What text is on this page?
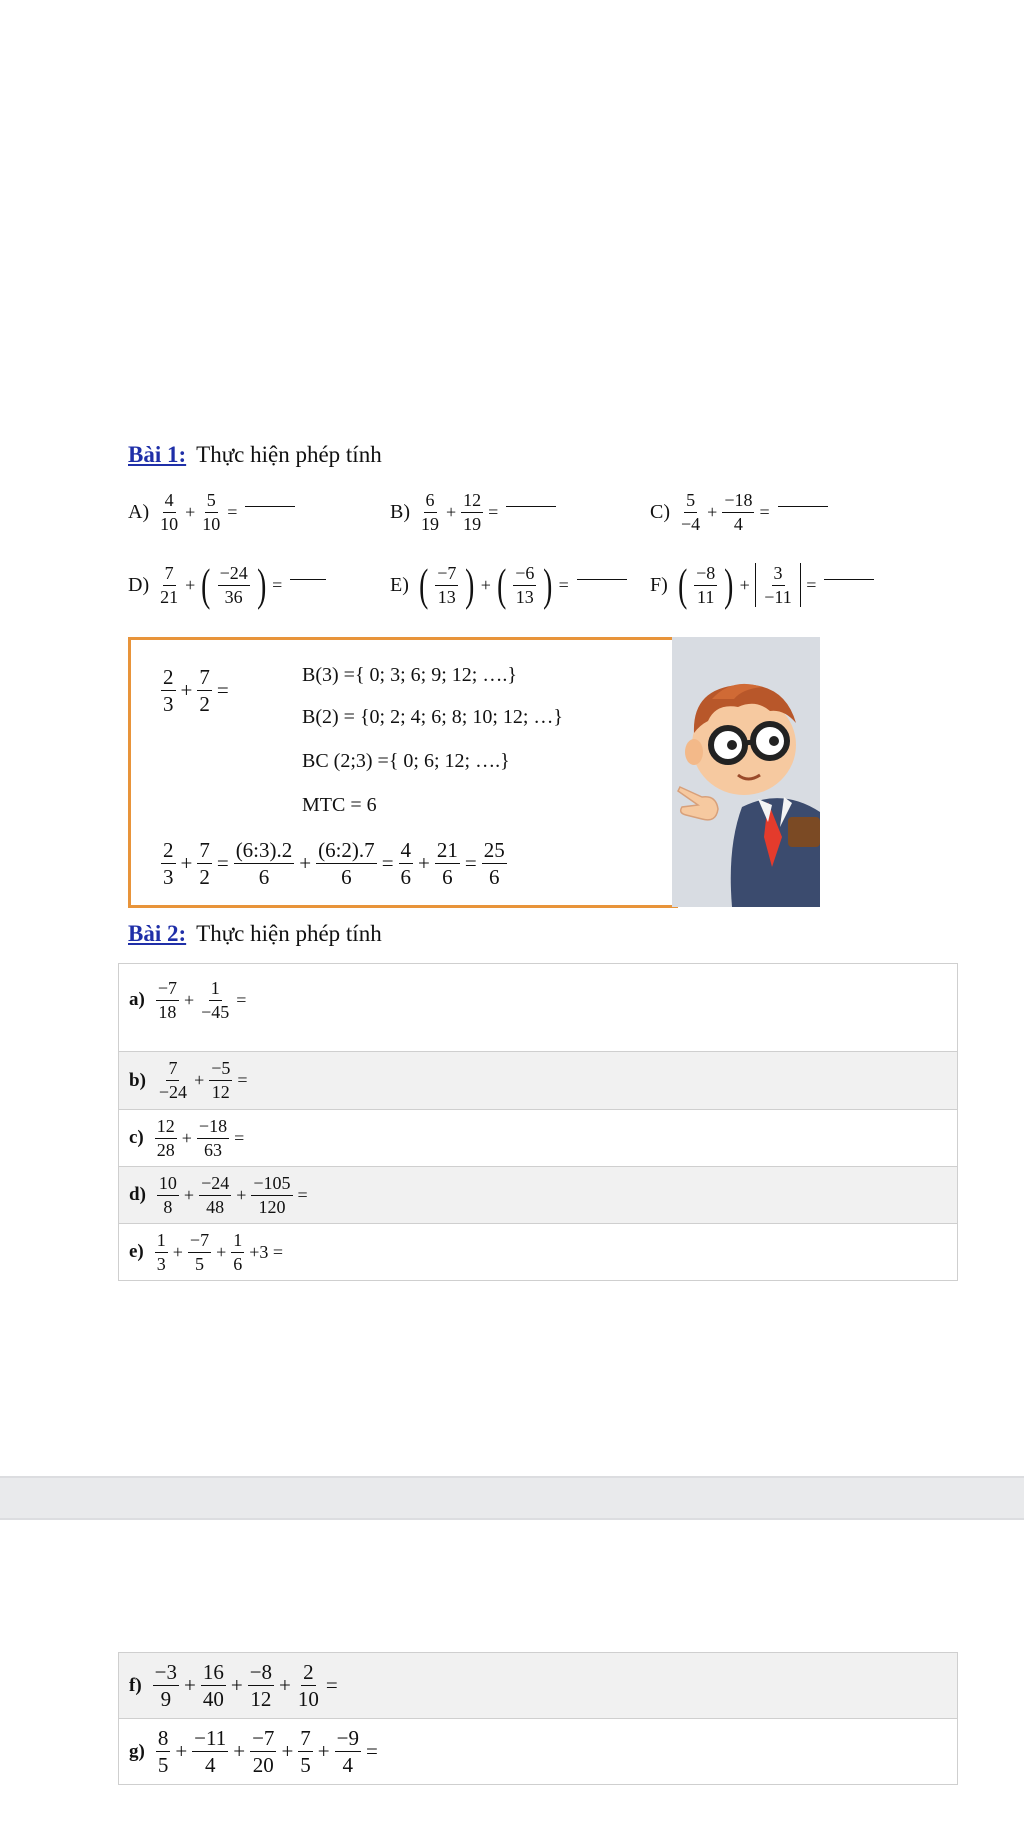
Bài 1: Thực hiện phép tính
$A) \frac{4}{10} + \frac{5}{10}$ =	$B) \frac{6}{19} + \frac{12}{19}$ =	$C) \frac{5}{-4} + \frac{-18}{4}$ =
$D) \frac{7}{21}$ + ( $\frac{-24}{36}$ ) =	E) ( $\frac{-7}{13}$ ) + ( $\frac{-6}{13}$ ) =	F) ( $\frac{-8}{11}$ ) + $\frac{3}{-11}$ =
$\frac{2}{3} + \frac{7}{2}$ =
B(3) ={ 0; 3; 6; 9; 12; ….}
B(2) = {0; 2; 4; 6; 8; 10; 12; …}
BC (2;3) ={ 0; 6; 12; ….}
MTC = 6
$\frac{2}{3} + \frac{7}{2} = \frac{(6:3).2}{6} + \frac{(6:2).7}{6} = \frac{4}{6} + \frac{21}{6} = \frac{25}{6}$
Bài 2: Thực hiện phép tính
$a) \frac{-7}{18} + \frac{1}{-45}$ =

$b) \frac{7}{-24} + \frac{-5}{12}$ =

$c) \frac{12}{28} + \frac{-18}{63}$ =

$d) \frac{10}{8} + \frac{-24}{48} + \frac{-105}{120}$ =

$e) \frac{1}{3} + \frac{-7}{5} + \frac{1}{6} +3$ =
$f) \frac{-3}{9} + \frac{16}{40} + \frac{-8}{12} + \frac{2}{10}$ =

$g) \frac{8}{5} + \frac{-11}{4} + \frac{-7}{20} + \frac{7}{5} + \frac{-9}{4}$ =
